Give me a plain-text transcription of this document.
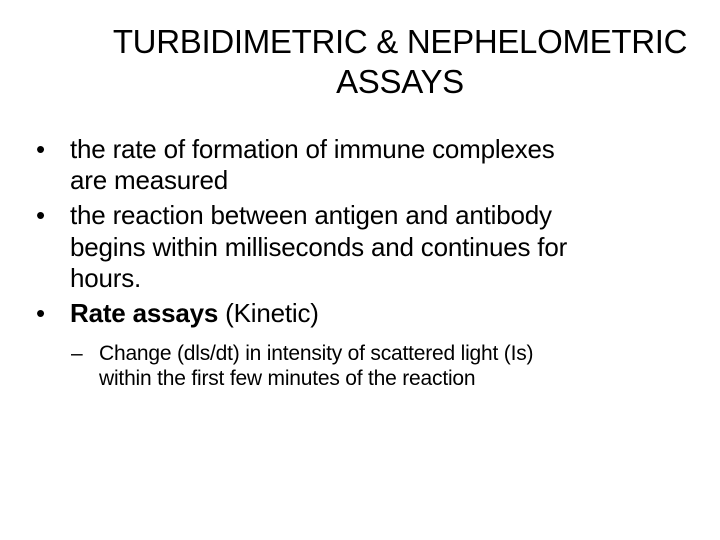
TURBIDIMETRIC & NEPHELOMETRIC
ASSAYS
• the rate of formation of immune complexes
are measured
• the reaction between antigen and antibody
begins within milliseconds and continues for
hours.
• Rate assays (Kinetic)
– Change (dls/dt) in intensity of scattered light (Is)
within the first few minutes of the reaction
